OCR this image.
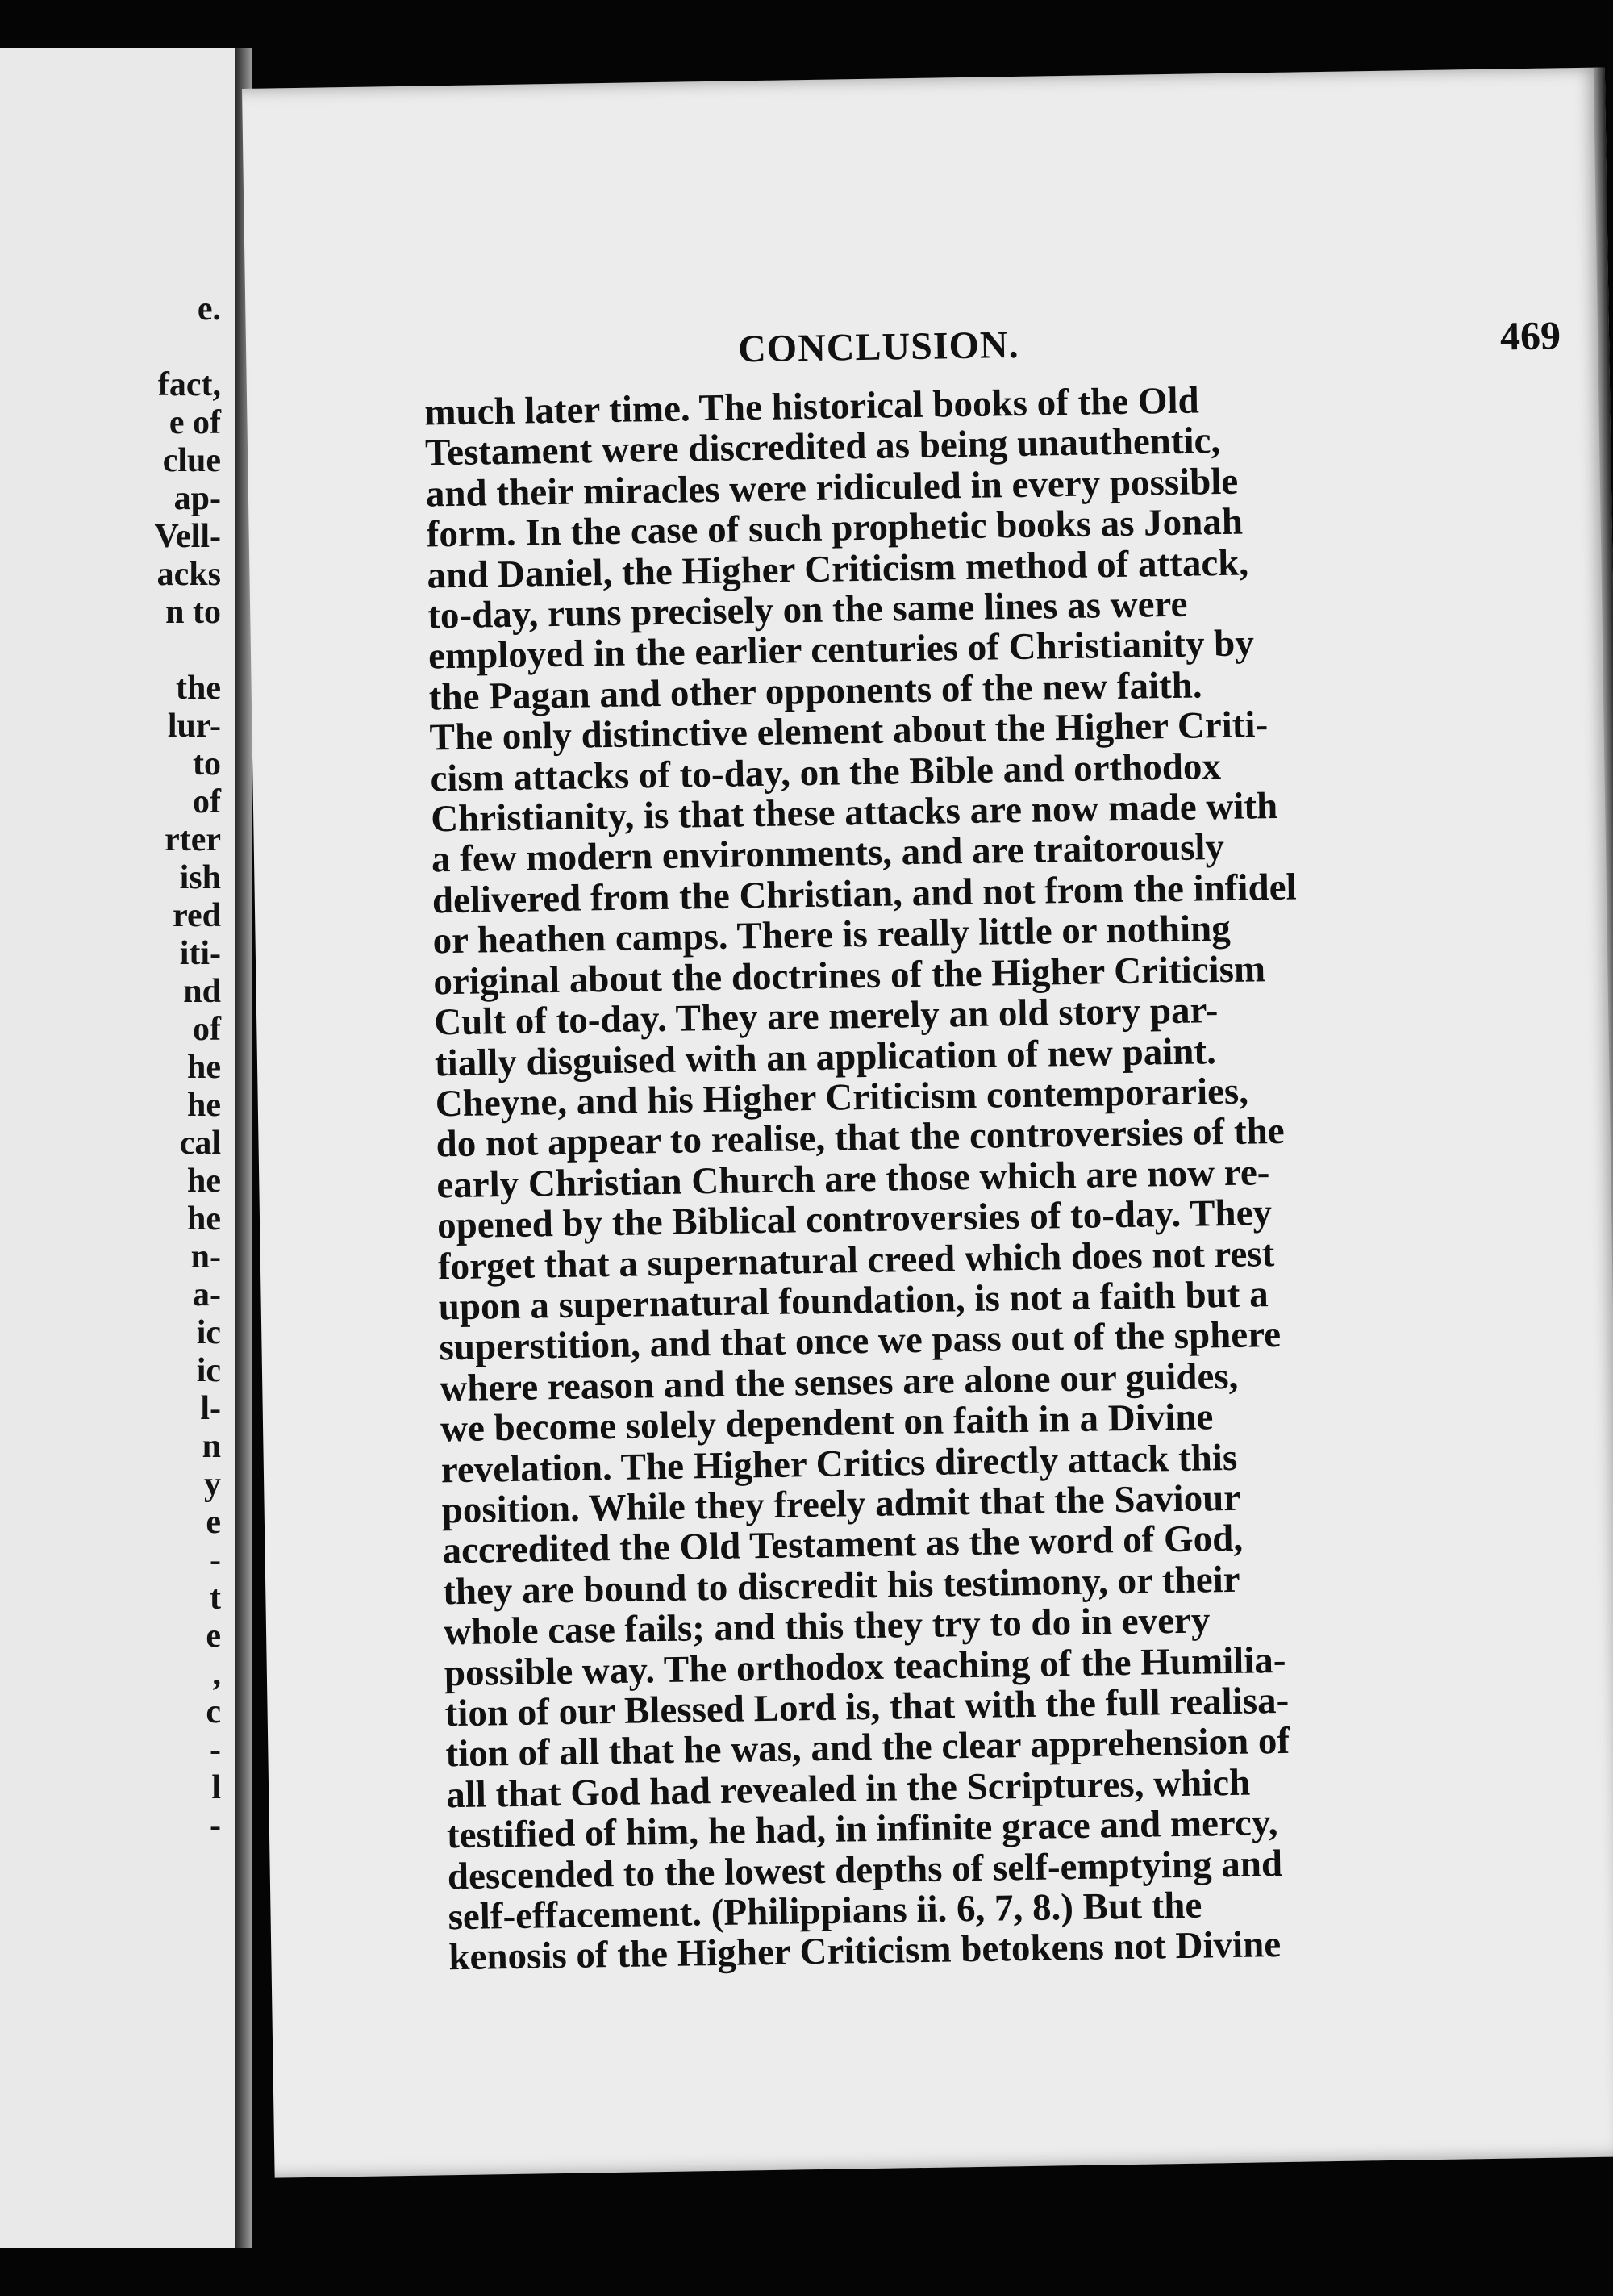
e.

fact,
e of
clue
ap-
Vell-
acks
n to

the
lur-
to
of
rter
ish
red
iti-
nd
of
he
he
cal
he
he
n-
a-
ic
ic
l-
n
y
e
-
t
e
,
c
-
l
-
CONCLUSION.	469
much later time. The historical books of the Old
Testament were discredited as being unauthentic,
and their miracles were ridiculed in every possible
form. In the case of such prophetic books as Jonah
and Daniel, the Higher Criticism method of attack,
to-day, runs precisely on the same lines as were
employed in the earlier centuries of Christianity by
the Pagan and other opponents of the new faith.
The only distinctive element about the Higher Criti-
cism attacks of to-day, on the Bible and orthodox
Christianity, is that these attacks are now made with
a few modern environments, and are traitorously
delivered from the Christian, and not from the infidel
or heathen camps. There is really little or nothing
original about the doctrines of the Higher Criticism
Cult of to-day. They are merely an old story par-
tially disguised with an application of new paint.
Cheyne, and his Higher Criticism contemporaries,
do not appear to realise, that the controversies of the
early Christian Church are those which are now re-
opened by the Biblical controversies of to-day. They
forget that a supernatural creed which does not rest
upon a supernatural foundation, is not a faith but a
superstition, and that once we pass out of the sphere
where reason and the senses are alone our guides,
we become solely dependent on faith in a Divine
revelation. The Higher Critics directly attack this
position. While they freely admit that the Saviour
accredited the Old Testament as the word of God,
they are bound to discredit his testimony, or their
whole case fails; and this they try to do in every
possible way. The orthodox teaching of the Humilia-
tion of our Blessed Lord is, that with the full realisa-
tion of all that he was, and the clear apprehension of
all that God had revealed in the Scriptures, which
testified of him, he had, in infinite grace and mercy,
descended to the lowest depths of self-emptying and
self-effacement. (Philippians ii. 6, 7, 8.) But the
kenosis of the Higher Criticism betokens not Divine
